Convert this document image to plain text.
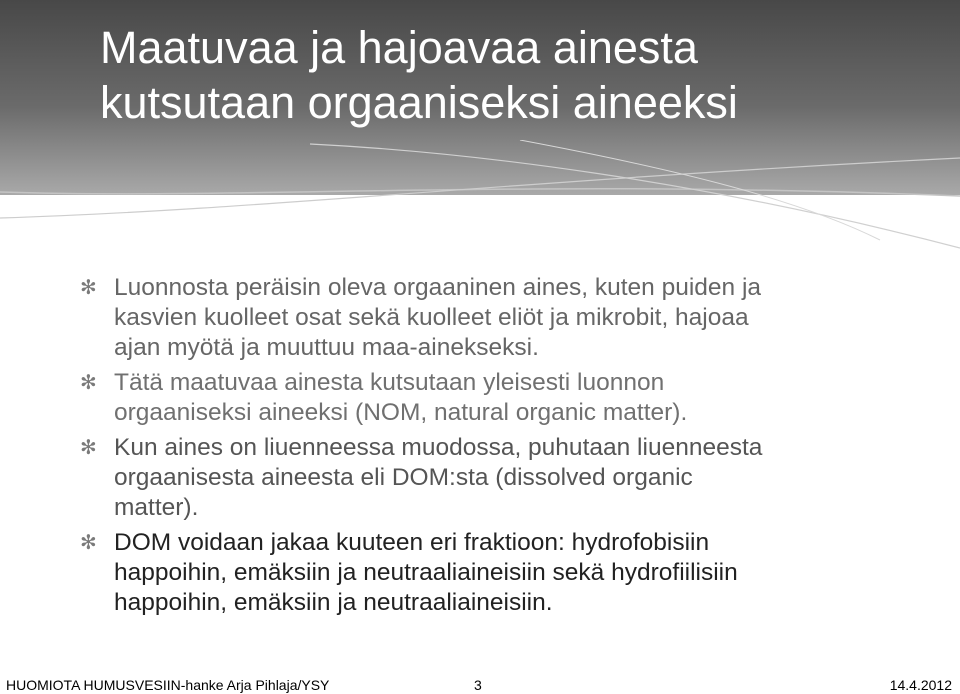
Maatuvaa ja hajoavaa ainesta
kutsutaan orgaaniseksi aineeksi
✻ Luonnosta peräisin oleva orgaaninen aines, kuten puiden ja
kasvien kuolleet osat sekä kuolleet eliöt ja mikrobit, hajoaa
ajan myötä ja muuttuu maa-ainekseksi.
✻ Tätä maatuvaa ainesta kutsutaan yleisesti luonnon
orgaaniseksi aineeksi (NOM, natural organic matter).
✻ Kun aines on liuenneessa muodossa, puhutaan liuenneesta
orgaanisesta aineesta eli DOM:sta (dissolved organic
matter).
✻ DOM voidaan jakaa kuuteen eri fraktioon: hydrofobisiin
happoihin, emäksiin ja neutraaliaineisiin sekä hydrofiilisiin
happoihin, emäksiin ja neutraaliaineisiin.
HUOMIOTA HUMUSVESIIN-hanke Arja Pihlaja/YSY	3	14.4.2012
